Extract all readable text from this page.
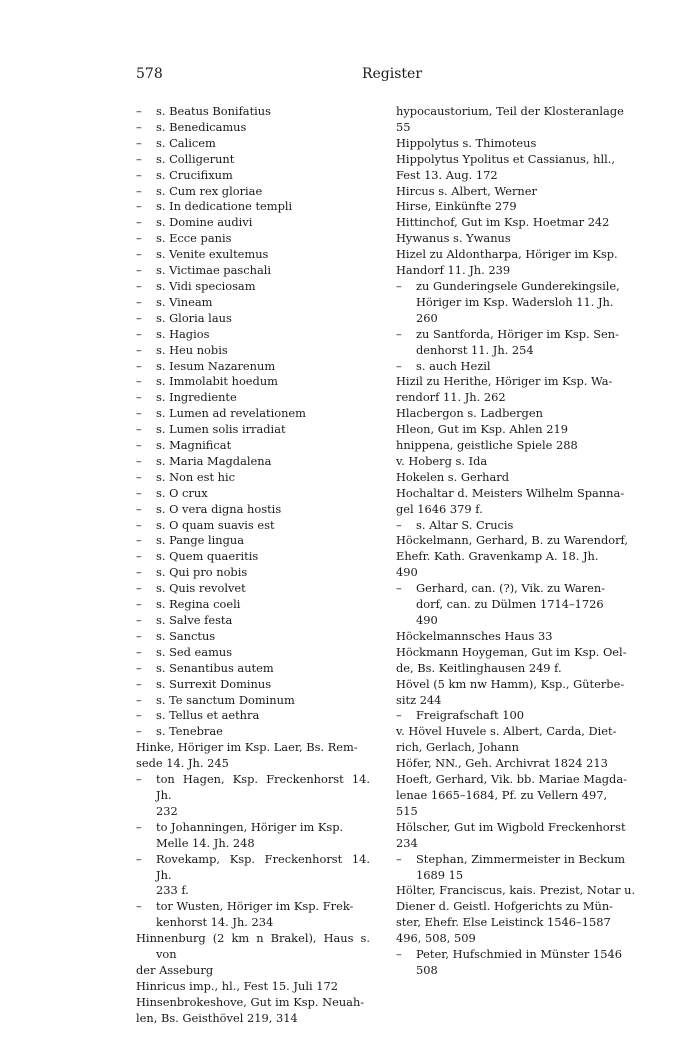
578	Register
–	s. Beatus Bonifatius
–	s. Benedicamus
–	s. Calicem
–	s. Colligerunt
–	s. Crucifixum
–	s. Cum rex gloriae
–	s. In dedicatione templi
–	s. Domine audivi
–	s. Ecce panis
–	s. Venite exultemus
–	s. Victimae paschali
–	s. Vidi speciosam
–	s. Vineam
–	s. Gloria laus
–	s. Hagios
–	s. Heu nobis
–	s. Iesum Nazarenum
–	s. Immolabit hoedum
–	s. Ingrediente
–	s. Lumen ad revelationem
–	s. Lumen solis irradiat
–	s. Magnificat
–	s. Maria Magdalena
–	s. Non est hic
–	s. O crux
–	s. O vera digna hostis
–	s. O quam suavis est
–	s. Pange lingua
–	s. Quem quaeritis
–	s. Qui pro nobis
–	s. Quis revolvet
–	s. Regina coeli
–	s. Salve festa
–	s. Sanctus
–	s. Sed eamus
–	s. Senantibus autem
–	s. Surrexit Dominus
–	s. Te sanctum Dominum
–	s. Tellus et aethra
–	s. Tenebrae
Hinke, Höriger im Ksp. Laer, Bs. Rem-
sede 14. Jh. 245
–	ton Hagen, Ksp. Freckenhorst 14. Jh.
232
–	to Johanningen, Höriger im Ksp.
Melle 14. Jh. 248
–	Rovekamp, Ksp. Freckenhorst 14. Jh.
233 f.
–	tor Wusten, Höriger im Ksp. Frek-
kenhorst 14. Jh. 234
Hinnenburg (2 km n Brakel), Haus s. von
der Asseburg
Hinricus imp., hl., Fest 15. Juli 172
Hinsenbrokeshove, Gut im Ksp. Neuah-
len, Bs. Geisthövel 219, 314
hypocaustorium, Teil der Klosteranlage
55
Hippolytus s. Thimoteus
Hippolytus Ypolitus et Cassianus, hll.,
Fest 13. Aug. 172
Hircus s. Albert, Werner
Hirse, Einkünfte 279
Hittinchof, Gut im Ksp. Hoetmar 242
Hywanus s. Ywanus
Hizel zu Aldontharpa, Höriger im Ksp.
Handorf 11. Jh. 239
–	zu Gunderingsele Gunderekingsile,
Höriger im Ksp. Wadersloh 11. Jh.
260
–	zu Santforda, Höriger im Ksp. Sen-
denhorst 11. Jh. 254
–	s. auch Hezil
Hizil zu Herithe, Höriger im Ksp. Wa-
rendorf 11. Jh. 262
Hlacbergon s. Ladbergen
Hleon, Gut im Ksp. Ahlen 219
hnippena, geistliche Spiele 288
v. Hoberg s. Ida
Hokelen s. Gerhard
Hochaltar d. Meisters Wilhelm Spanna-
gel 1646 379 f.
–	s. Altar S. Crucis
Höckelmann, Gerhard, B. zu Warendorf,
Ehefr. Kath. Gravenkamp A. 18. Jh.
490
–	Gerhard, can. (?), Vik. zu Waren-
dorf, can. zu Dülmen 1714–1726
490
Höckelmannsches Haus 33
Höckmann Hoygeman, Gut im Ksp. Oel-
de, Bs. Keitlinghausen 249 f.
Hövel (5 km nw Hamm), Ksp., Güterbe-
sitz 244
–	Freigrafschaft 100
v. Hövel Huvele s. Albert, Carda, Diet-
rich, Gerlach, Johann
Höfer, NN., Geh. Archivrat 1824 213
Hoeft, Gerhard, Vik. bb. Mariae Magda-
lenae 1665–1684, Pf. zu Vellern 497,
515
Hölscher, Gut im Wigbold Freckenhorst
234
–	Stephan, Zimmermeister in Beckum
1689 15
Hölter, Franciscus, kais. Prezist, Notar u.
Diener d. Geistl. Hofgerichts zu Mün-
ster, Ehefr. Else Leistinck 1546–1587
496, 508, 509
–	Peter, Hufschmied in Münster 1546
508
